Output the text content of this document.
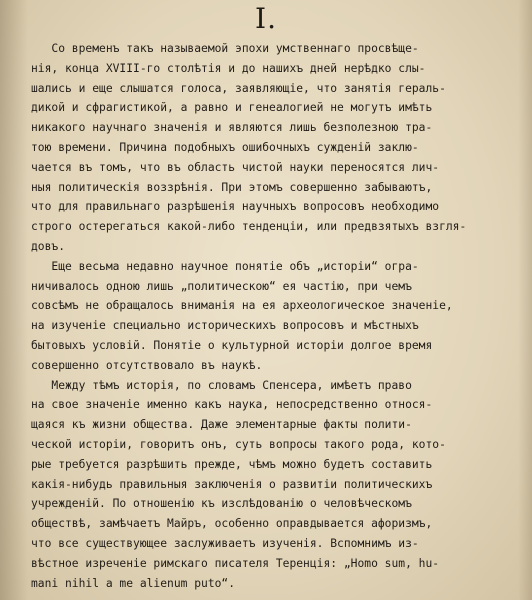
I.
Со временъ такъ называемой эпохи умственнаго просвѣще-
нія, конца XVIII-го столѣтія и до нашихъ дней нерѣдко слы-
шались и еще слышатся голоса, заявляющіе, что занятія гераль-
дикой и сфрагистикой, а равно и генеалогией не могутъ имѣть
никакого научнаго значенія и являются лишь безполезною тра-
тою времени. Причина подобныхъ ошибочныхъ сужденій заклю-
чается въ томъ, что въ область чистой науки переносятся лич-
ныя политическія воззрѣнія. При этомъ совершенно забываютъ,
что для правильнаго разрѣшенія научныхъ вопросовъ необходимо
строго остерегаться какой-либо тенденціи, или предвзятыхъ взгля-
довъ.
Еще весьма недавно научное понятіе объ „исторіи“ огра-
ничивалось одною лишь „политическою“ ея частію, при чемъ
совсѣмъ не обращалось вниманія на ея археологическое значеніе,
на изученіе специально историческихъ вопросовъ и мѣстныхъ
бытовыхъ условій. Понятіе о культурной исторіи долгое время
совершенно отсутствовало въ наукѣ.
Между тѣмъ исторія, по словамъ Спенсера, имѣетъ право
на свое значеніе именно какъ наука, непосредственно относя-
щаяся къ жизни общества. Даже элементарные факты полити-
ческой исторіи, говоритъ онъ, суть вопросы такого рода, кото-
рые требуется разрѣшить прежде, чѣмъ можно будетъ составить
какія-нибудь правильныя заключенія о развитіи политическихъ
учрежденій. По отношенію къ изслѣдованію о человѣческомъ
обществѣ, замѣчаетъ Майръ, особенно оправдывается афоризмъ,
что все существующее заслуживаетъ изученія. Вспомнимъ из-
вѣстное изреченіе римскаго писателя Теренція: „Homo sum, hu-
mani nihil a me alienum puto“.
